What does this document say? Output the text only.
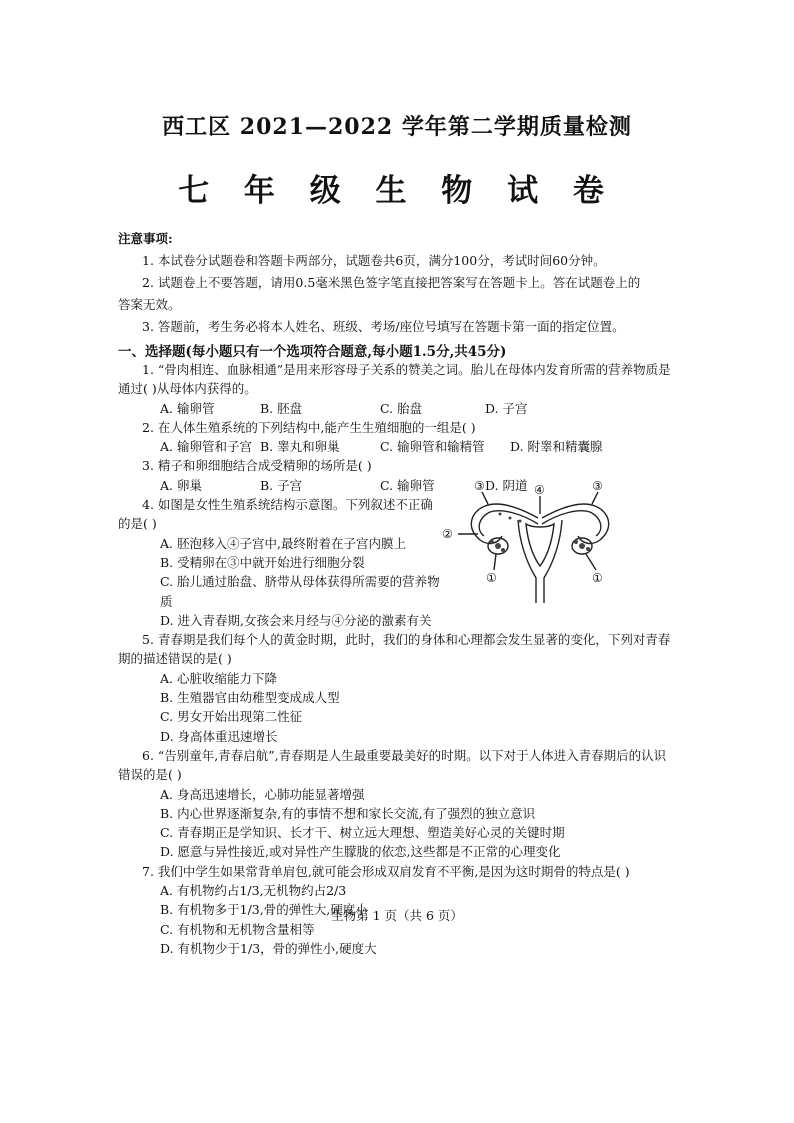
西工区 2021—2022 学年第二学期质量检测
七 年 级 生 物 试 卷
注意事项:
1. 本试卷分试题卷和答题卡两部分，试题卷共6页，满分100分，考试时间60分钟。
2. 试题卷上不要答题，请用0.5毫米黑色签字笔直接把答案写在答题卡上。答在试题卷上的答案无效。
3. 答题前，考生务必将本人姓名、班级、考场/座位号填写在答题卡第一面的指定位置。
一、选择题(每小题只有一个选项符合题意,每小题1.5分,共45分)
1. “骨肉相连、血脉相通”是用来形容母子关系的赞美之词。胎儿在母体内发育所需的营养物质是通过( )从母体内获得的。
A. 输卵管	B. 胚盘	C. 胎盘	D. 子宫
2. 在人体生殖系统的下列结构中,能产生生殖细胞的一组是( )
A. 输卵管和子宫 B. 睾丸和卵巢	C. 输卵管和输精管	D. 附睾和精囊腺
3. 精子和卵细胞结合成受精卵的场所是( )
A. 卵巢	B. 子宫	C. 输卵管	D. 阴道
4. 如图是女性生殖系统结构示意图。下列叙述不正确的是( )
A. 胚泡移入④子宫中,最终附着在子宫内膜上
B. 受精卵在③中就开始进行细胞分裂
C. 胎儿通过胎盘、脐带从母体获得所需要的营养物质
D. 进入青春期,女孩会来月经与④分泌的激素有关
5. 青春期是我们每个人的黄金时期，此时，我们的身体和心理都会发生显著的变化，下列对青春期的描述错误的是( )
A. 心脏收缩能力下降
B. 生殖器官由幼稚型变成成人型
C. 男女开始出现第二性征
D. 身高体重迅速增长
6. “告别童年,青春启航”,青春期是人生最重要最美好的时期。以下对于人体进入青春期后的认识错误的是( )
A. 身高迅速增长，心肺功能显著增强
B. 内心世界逐渐复杂,有的事情不想和家长交流,有了强烈的独立意识
C. 青春期正是学知识、长才干、树立远大理想、塑造美好心灵的关键时期
D. 愿意与异性接近,或对异性产生朦胧的依恋,这些都是不正常的心理变化
7. 我们中学生如果常背单肩包,就可能会形成双肩发育不平衡,是因为这时期骨的特点是( )
A. 有机物约占1/3,无机物约占2/3
B. 有机物多于1/3,骨的弹性大,硬度小
C. 有机物和无机物含量相等
D. 有机物少于1/3，骨的弹性小,硬度大
③	④	③
②
①	①
生物第 1 页（共 6 页）
